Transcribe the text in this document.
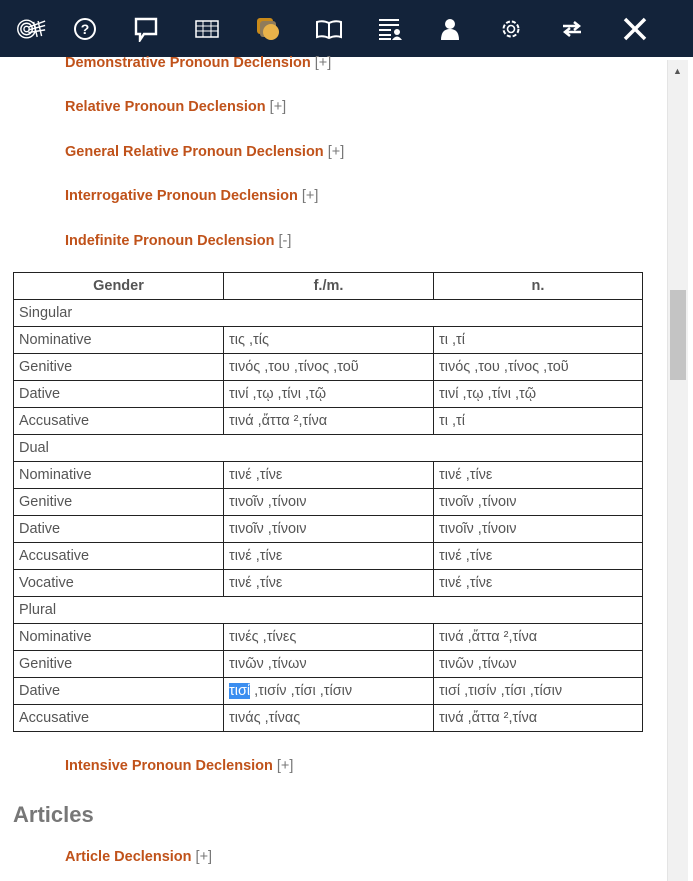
?
▲
Demonstrative Pronoun Declension [+]
Relative Pronoun Declension [+]
General Relative Pronoun Declension [+]
Interrogative Pronoun Declension [+]
Indefinite Pronoun Declension [-]
Gender	f./m.	n.
Singular		
Nominative	τις ,τίς	τι ,τί
Genitive	τινός ,του ,τίνος ,τοῦ	τινός ,του ,τίνος ,τοῦ
Dative	τινί ,τῳ ,τίνι ,τῷ	τινί ,τῳ ,τίνι ,τῷ
Accusative	τινά ,ἄττα ²,τίνα	τι ,τί
Dual		
Nominative	τινέ ,τίνε	τινέ ,τίνε
Genitive	τινοῖν ,τίνοιν	τινοῖν ,τίνοιν
Dative	τινοῖν ,τίνοιν	τινοῖν ,τίνοιν
Accusative	τινέ ,τίνε	τινέ ,τίνε
Vocative	τινέ ,τίνε	τινέ ,τίνε
Plural		
Nominative	τινές ,τίνες	τινά ,ἄττα ²,τίνα
Genitive	τινῶν ,τίνων	τινῶν ,τίνων
Dative	τισί ,τισίν ,τίσι ,τίσιν	τισί ,τισίν ,τίσι ,τίσιν
Accusative	τινάς ,τίνας	τινά ,ἄττα ²,τίνα
Intensive Pronoun Declension [+]
Articles
Article Declension [+]
